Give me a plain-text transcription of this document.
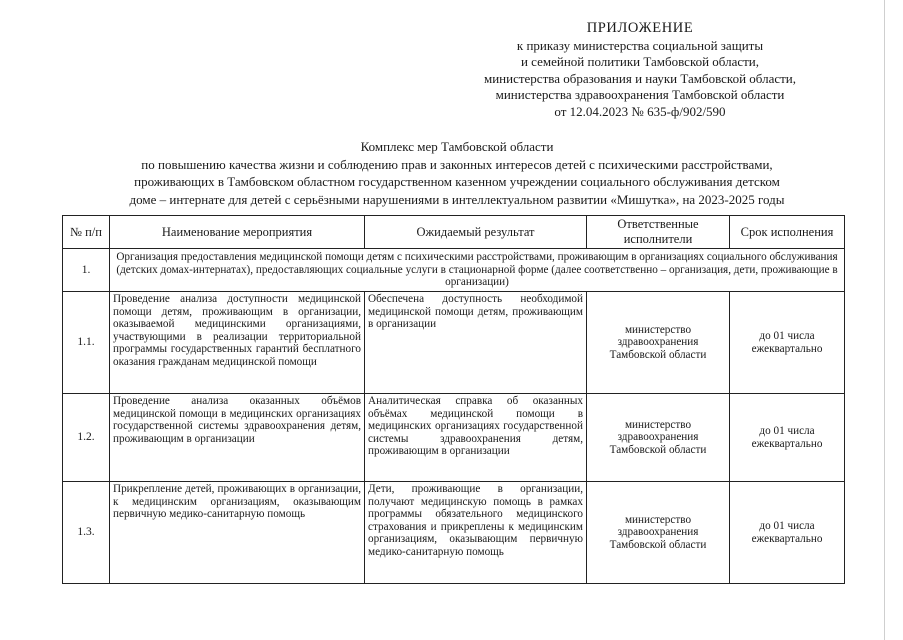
ПРИЛОЖЕНИЕ
к приказу министерства социальной защиты
и семейной политики Тамбовской области,
министерства образования и науки Тамбовской области,
министерства здравоохранения Тамбовской области
от 12.04.2023 № 635-ф/902/590
Комплекс мер Тамбовской области
по повышению качества жизни и соблюдению прав и законных интересов детей с психическими расстройствами,
проживающих в Тамбовском областном государственном казенном учреждении социального обслуживания детском
доме – интернате для детей с серьёзными нарушениями в интеллектуальном развитии «Мишутка», на 2023-2025 годы
№ п/п	Наименование мероприятия	Ожидаемый результат	Ответственные исполнители	Срок исполнения
1.	Организация предоставления медицинской помощи детям с психическими расстройствами, проживающим в организациях социального обслуживания (детских домах-интернатах), предоставляющих социальные услуги в стационарной форме (далее соответственно – организация, дети, проживающие в организации)			
1.1.	Проведение анализа доступности медицинской помощи детям, проживающим в организации, оказываемой медицинскими организациями, участвующими в реализации территориальной программы государственных гарантий бесплатного оказания гражданам медицинской помощи	Обеспечена доступность необходимой медицинской помощи детям, проживающим в организации	министерство здравоохранения Тамбовской области	до 01 числа ежеквартально
1.2.	Проведение анализа оказанных объёмов медицинской помощи в медицинских организациях государственной системы здравоохранения детям, проживающим в организации	Аналитическая справка об оказанных объёмах медицинской помощи в медицинских организациях государственной системы здравоохранения детям, проживающим в организации	министерство здравоохранения Тамбовской области	до 01 числа ежеквартально
1.3.	Прикрепление детей, проживающих в организации, к медицинским организациям, оказывающим первичную медико-санитарную помощь	Дети, проживающие в организации, получают медицинскую помощь в рамках программы обязательного медицинского страхования и прикреплены к медицинским организациям, оказывающим первичную медико-санитарную помощь	министерство здравоохранения Тамбовской области	до 01 числа ежеквартально
